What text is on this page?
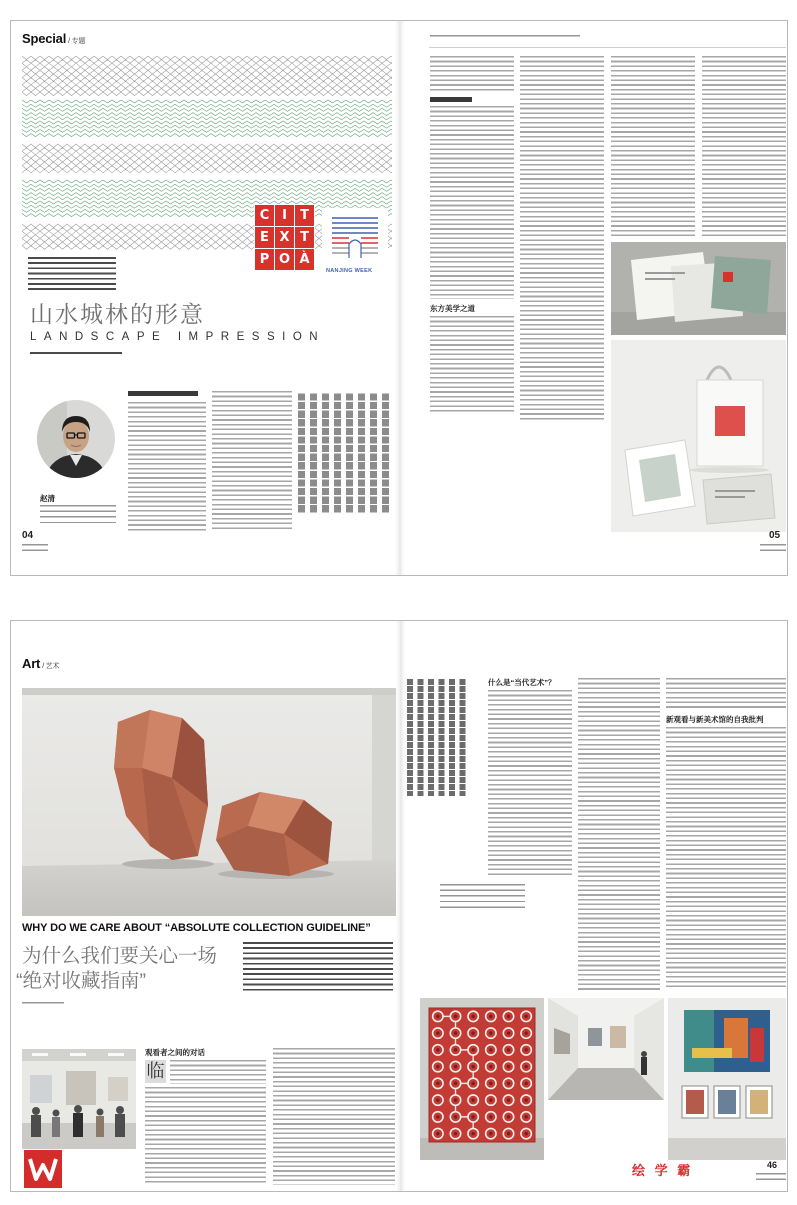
Special / 专题
C I	T
E X T
P O À
NANJING WEEK
山水城林的形意
LANDSCAPE IMPRESSION
赵清
04
东方美学之道
05
Art / 艺术
WHY DO WE CARE ABOUT “ABSOLUTE COLLECTION GUIDELINE”
为什么我们要关心一场
“绝对收藏指南”
观看者之间的对话
临
什么是“当代艺术”？
新观看与新美术馆的自我批判
绘 学 霸	46
